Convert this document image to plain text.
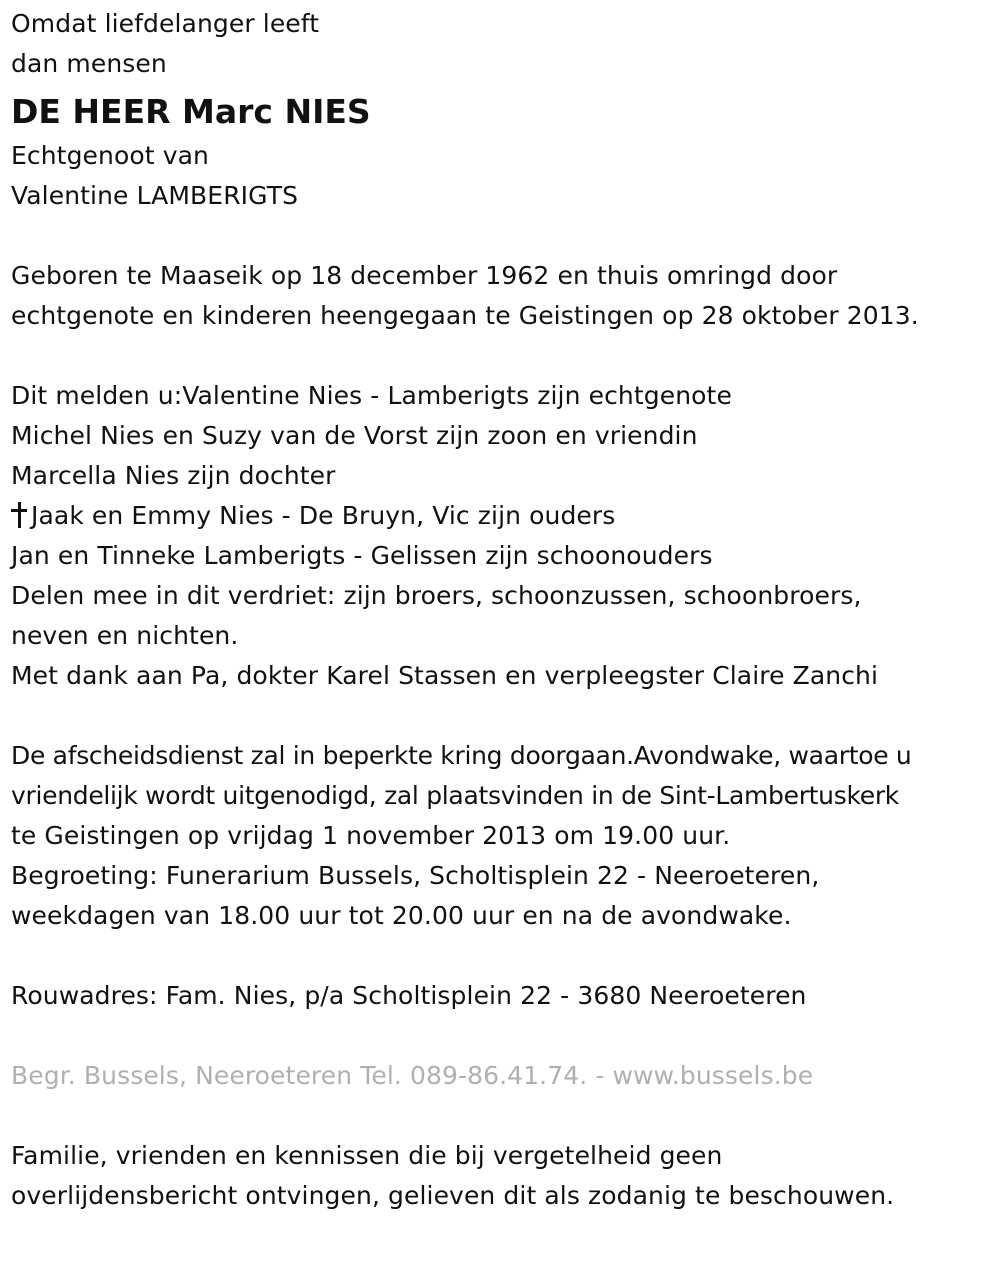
Omdat liefdelanger leeft
dan mensen
DE HEER Marc NIES
Echtgenoot van
Valentine LAMBERIGTS
Geboren te Maaseik op 18 december 1962 en thuis omringd door
echtgenote en kinderen heengegaan te Geistingen op 28 oktober 2013.
Dit melden u:Valentine Nies - Lamberigts zijn echtgenote
Michel Nies en Suzy van de Vorst zijn zoon en vriendin
Marcella Nies zijn dochter
Jaak en Emmy Nies - De Bruyn, Vic zijn ouders
Jan en Tinneke Lamberigts - Gelissen zijn schoonouders
Delen mee in dit verdriet: zijn broers, schoonzussen, schoonbroers,
neven en nichten.
Met dank aan Pa, dokter Karel Stassen en verpleegster Claire Zanchi
De afscheidsdienst zal in beperkte kring doorgaan.Avondwake, waartoe u
vriendelijk wordt uitgenodigd, zal plaatsvinden in de Sint-Lambertuskerk
te Geistingen op vrijdag 1 november 2013 om 19.00 uur.
Begroeting: Funerarium Bussels, Scholtisplein 22 - Neeroeteren,
weekdagen van 18.00 uur tot 20.00 uur en na de avondwake.
Rouwadres: Fam. Nies, p/a Scholtisplein 22 - 3680 Neeroeteren
Begr. Bussels, Neeroeteren Tel. 089-86.41.74. - www.bussels.be
Familie, vrienden en kennissen die bij vergetelheid geen
overlijdensbericht ontvingen, gelieven dit als zodanig te beschouwen.
